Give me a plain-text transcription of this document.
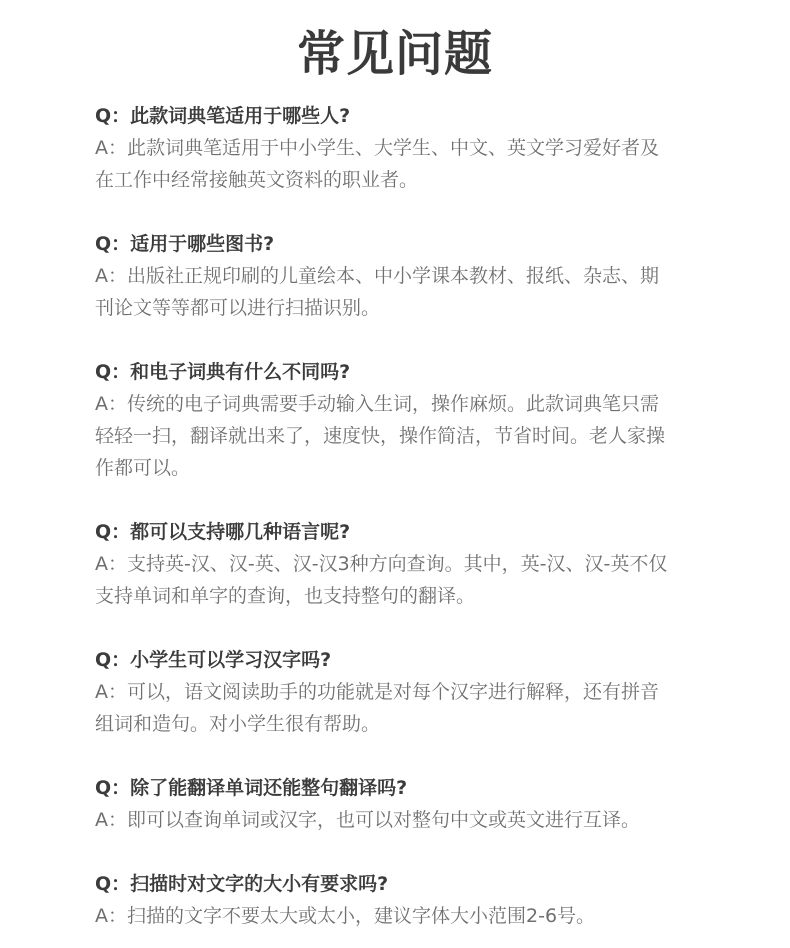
常见问题
Q：此款词典笔适用于哪些人?
A：此款词典笔适用于中小学生、大学生、中文、英文学习爱好者及
在工作中经常接触英文资料的职业者。
Q：适用于哪些图书?
A：出版社正规印刷的儿童绘本、中小学课本教材、报纸、杂志、期
刊论文等等都可以进行扫描识别。
Q：和电子词典有什么不同吗?
A：传统的电子词典需要手动输入生词，操作麻烦。此款词典笔只需
轻轻一扫，翻译就出来了，速度快，操作简洁，节省时间。老人家操
作都可以。
Q：都可以支持哪几种语言呢?
A：支持英-汉、汉-英、汉-汉3种方向查询。其中，英-汉、汉-英不仅
支持单词和单字的查询，也支持整句的翻译。
Q：小学生可以学习汉字吗?
A：可以，语文阅读助手的功能就是对每个汉字进行解释，还有拼音
组词和造句。对小学生很有帮助。
Q：除了能翻译单词还能整句翻译吗?
A：即可以查询单词或汉字，也可以对整句中文或英文进行互译。
Q：扫描时对文字的大小有要求吗?
A：扫描的文字不要太大或太小，建议字体大小范围2-6号。
